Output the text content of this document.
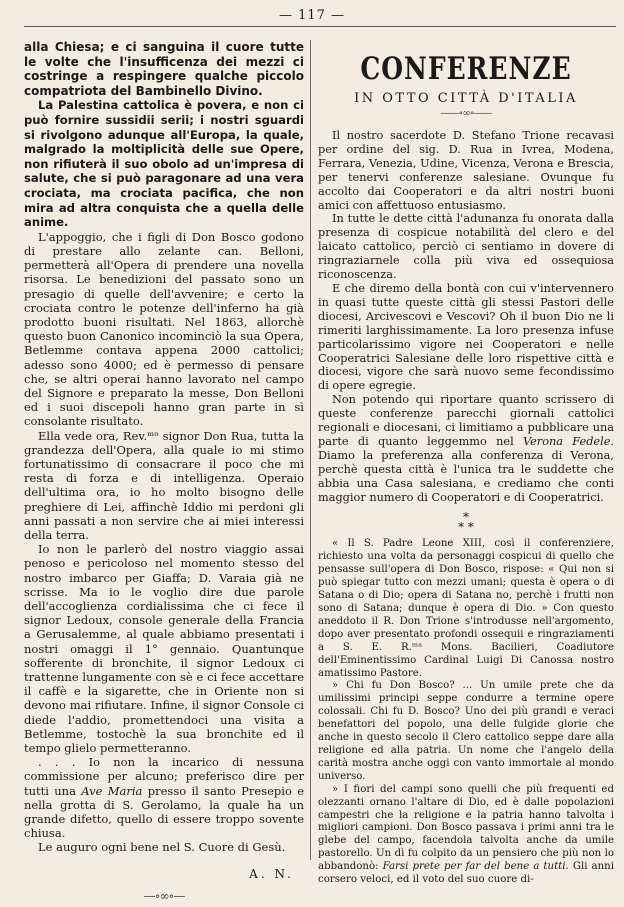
— 117 —

alla Chiesa; e ci sanguina il cuore tutte le volte che l'insufficenza dei mezzi ci costringe a respingere qualche piccolo compatriota del Bambinello Divino.

La Palestina cattolica è povera, e non ci può fornire sussidii serii; i nostri sguardi si rivolgono adunque all'Europa, la quale, malgrado la moltiplicità delle sue Opere, non rifiuterà il suo obolo ad un'impresa di salute, che si può paragonare ad una vera crociata, ma crociata pacifica, che non mira ad altra conquista che a quella delle anime.

L'appoggio, che i figli di Don Bosco godono di prestare allo zelante can. Belloni, permetterà all'Opera di prendere una novella risorsa. Le benedizioni del passato sono un presagio di quelle dell'avvenire; e certo la crociata contro le potenze dell'inferno ha già prodotto buoni risultati. Nel 1863, allorchè questo buon Canonico incominciò la sua Opera, Betlemme contava appena 2000 cattolici; adesso sono 4000; ed è permesso di pensare che, se altri operai hanno lavorato nel campo del Signore e preparato la messe, Don Belloni ed i suoi discepoli hanno gran parte in sì consolante risultato.

Ella vede ora, Rev.ᵐᵒ signor Don Rua, tutta la grandezza dell'Opera, alla quale io mi stimo fortunatissimo di consacrare il poco che mi resta di forza e di intelligenza. Operaio dell'ultima ora, io ho molto bisogno delle preghiere di Lei, affinchè Iddio mi perdoni gli anni passati a non servire che ai miei interessi della terra.

Io non le parlerò del nostro viaggio assai penoso e pericoloso nel momento stesso del nostro imbarco per Giaffa; D. Varaia già ne scrisse. Ma io le voglio dire due parole dell'accoglienza cordialissima che ci fece il signor Ledoux, console generale della Francia a Gerusalemme, al quale abbiamo presentati i nostri omaggi il 1° gennaio. Quantunque sofferente di bronchite, il signor Ledoux ci trattenne lungamente con sè e ci fece accettare il caffè e la sigarette, che in Oriente non si devono mai rifiutare. Infine, il signor Console ci diede l'addio, promettendoci una visita a Betlemme, tostochè la sua bronchite ed il tempo glielo permetteranno.

. . . Io non la incarico di nessuna commissione per alcuno; preferisco dire per tutti una Ave Maria presso il santo Presepio e nella grotta di S. Gerolamo, la quale ha un grande difetto, quello di essere troppo sovente chiusa.

Le auguro ogni bene nel S. Cuore di Gesù.

A. N.
—∘∞∘—
CONFERENZE
IN OTTO CITTÀ D'ITALIA
——∘∞∘——

Il nostro sacerdote D. Stefano Trione recavasi per ordine del sig. D. Rua in Ivrea, Modena, Ferrara, Venezia, Udine, Vicenza, Verona e Brescia, per tenervi conferenze salesiane. Ovunque fu accolto dai Cooperatori e da altri nostri buoni amici con affettuoso entusiasmo.

In tutte le dette città l'adunanza fu onorata dalla presenza di cospicue notabilità del clero e del laicato cattolico, perciò ci sentiamo in dovere di ringraziarnele colla più viva ed ossequiosa riconoscenza.

E che diremo della bontà con cui v'intervennero in quasi tutte queste città gli stessi Pastori delle diocesi, Arcivescovi e Vescovi? Oh il buon Dio ne li rimeriti larghissimamente. La loro presenza infuse particolarissimo vigore nei Cooperatori e nelle Cooperatrici Salesiane delle loro rispettive città e diocesi, vigore che sarà nuovo seme fecondissimo di opere egregie.

Non potendo qui riportare quanto scrissero di queste conferenze parecchi giornali cattolici regionali e diocesani, ci limitiamo a pubblicare una parte di quanto leggemmo nel Verona Fedele. Diamo la preferenza alla conferenza di Verona, perchè questa città è l'unica tra le suddette che abbia una Casa salesiana, e crediamo che conti maggior numero di Cooperatori e di Cooperatrici.

*
* *

« Il S. Padre Leone XIII, così il conferenziere, richiesto una volta da personaggi cospicui di quello che pensasse sull'opera di Don Bosco, rispose: « Qui non si può spiegar tutto con mezzi umani; questa è opera o di Satana o di Dio; opera di Satana no, perchè i frutti non sono di Satana; dunque è opera di Dio. » Con questo aneddoto il R. Don Trione s'introdusse nell'argomento, dopo aver presentato profondi ossequii e ringraziamenti a S. E. R.ᵐᵃ Mons. Bacilieri, Coadiutore dell'Eminentissimo Cardinal Luigi Di Canossa nostro amatissimo Pastore.

» Chi fu Don Bosco? ... Un umile prete che da umilissimi principi seppe condurre a termine opere colossali. Chi fu D. Bosco? Uno dei più grandi e veraci benefattori del popolo, una delle fulgide glorie che anche in questo secolo il Clero cattolico seppe dare alla religione ed alla patria. Un nome che l'angelo della carità mostra anche oggi con vanto immortale al mondo universo.

» I fiori del campi sono quelli che più frequenti ed olezzanti ornano l'altare di Dio, ed è dalle popolazioni campestri che la religione e la patria hanno talvolta i migliori campioni. Don Bosco passava i primi anni tra le glebe del campo, facendola talvolta anche da umile pastorello. Un dì fu colpito da un pensiero che più non lo abbandonò: Farsi prete per far del bene a tutti. Gli anni corsero veloci, ed il voto del suo cuore di-
